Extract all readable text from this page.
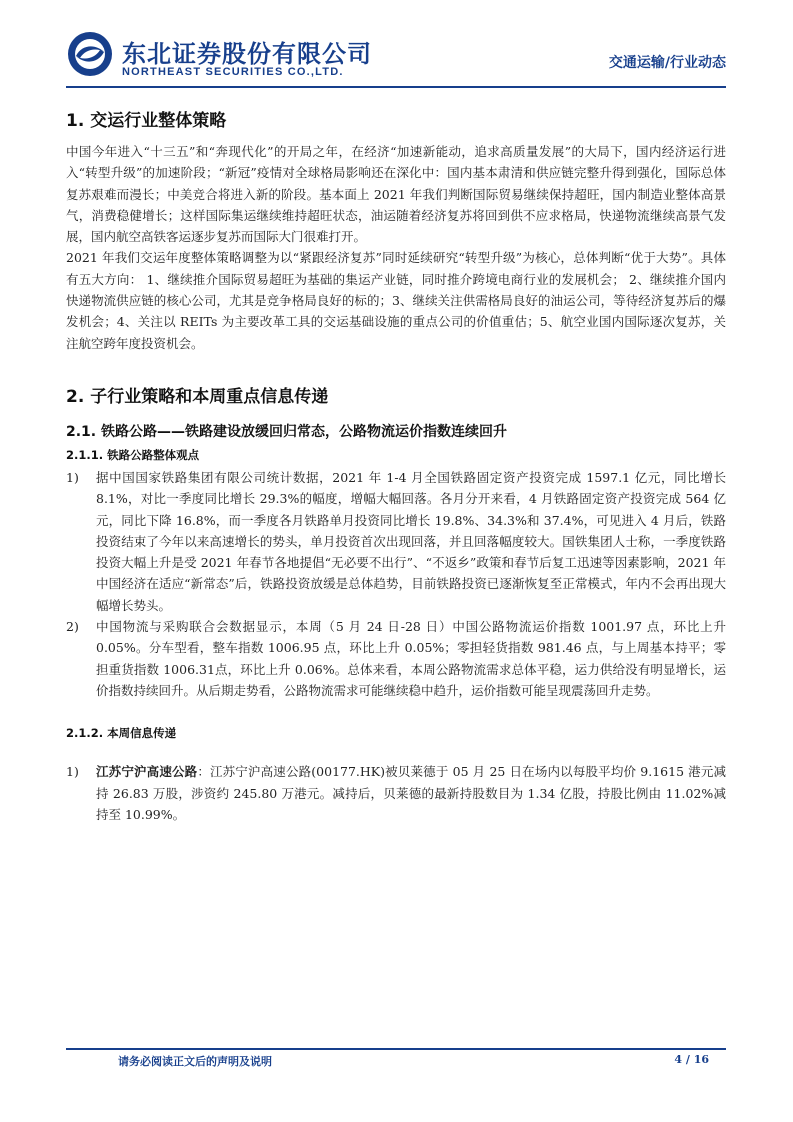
东北证券股份有限公司
NORTHEAST SECURITIES CO.,LTD.
交通运输/行业动态
1. 交运行业整体策略

中国今年进入“十三五”和“奔现代化”的开局之年，在经济“加速新能动，追求高质量发展”的大局下，国内经济运行进入“转型升级”的加速阶段；“新冠”疫情对全球格局影响还在深化中：国内基本肃清和供应链完整升得到强化，国际总体复苏艰难而漫长；中美竞合将进入新的阶段。基本面上 2021 年我们判断国际贸易继续保持超旺，国内制造业整体高景气，消费稳健增长；这样国际集运继续维持超旺状态，油运随着经济复苏将回到供不应求格局，快递物流继续高景气发展，国内航空高铁客运逐步复苏而国际大门很难打开。

2021 年我们交运年度整体策略调整为以“紧跟经济复苏”同时延续研究“转型升级”为核心，总体判断“优于大势”。具体有五大方向： 1、继续推介国际贸易超旺为基础的集运产业链，同时推介跨境电商行业的发展机会； 2、继续推介国内快递物流供应链的核心公司，尤其是竞争格局良好的标的；3、继续关注供需格局良好的油运公司，等待经济复苏后的爆发机会；4、关注以 REITs 为主要改革工具的交运基础设施的重点公司的价值重估；5、航空业国内国际逐次复苏，关注航空跨年度投资机会。

2. 子行业策略和本周重点信息传递
2.1. 铁路公路——铁路建设放缓回归常态，公路物流运价指数连续回升
2.1.1. 铁路公路整体观点
1)	据中国国家铁路集团有限公司统计数据，2021 年 1-4 月全国铁路固定资产投资完成 1597.1 亿元，同比增长 8.1%，对比一季度同比增长 29.3%的幅度，增幅大幅回落。各月分开来看，4 月铁路固定资产投资完成 564 亿元，同比下降 16.8%，而一季度各月铁路单月投资同比增长 19.8%、34.3%和 37.4%，可见进入 4 月后，铁路投资结束了今年以来高速增长的势头，单月投资首次出现回落，并且回落幅度较大。国铁集团人士称，一季度铁路投资大幅上升是受 2021 年春节各地提倡“无必要不出行”、“不返乡”政策和春节后复工迅速等因素影响，2021 年中国经济在适应“新常态”后，铁路投资放缓是总体趋势，目前铁路投资已逐渐恢复至正常模式，年内不会再出现大幅增长势头。
2)	中国物流与采购联合会数据显示，本周（5 月 24 日-28 日）中国公路物流运价指数 1001.97 点，环比上升 0.05%。分车型看，整车指数 1006.95 点，环比上升 0.05%；零担轻货指数 981.46 点，与上周基本持平；零担重货指数 1006.31点，环比上升 0.06%。总体来看，本周公路物流需求总体平稳，运力供给没有明显增长，运价指数持续回升。从后期走势看，公路物流需求可能继续稳中趋升，运价指数可能呈现震荡回升走势。
2.1.2. 本周信息传递
1)	江苏宁沪高速公路：江苏宁沪高速公路(00177.HK)被贝莱德于 05 月 25 日在场内以每股平均价 9.1615 港元减持 26.83 万股，涉资约 245.80 万港元。减持后，贝莱德的最新持股数目为 1.34 亿股，持股比例由 11.02%减持至 10.99%。
请务必阅读正文后的声明及说明	4 / 16
